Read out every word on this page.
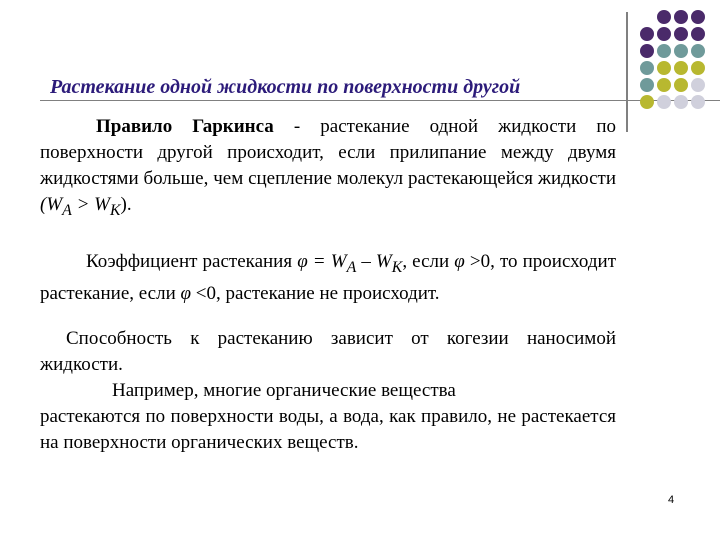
Растекание одной жидкости по поверхности другой
Правило Гаркинса - растекание одной жидкости по поверхности другой происходит, если прилипание между двумя жидкостями больше, чем сцепление молекул растекающейся жидкости $(W_A > W_K)$.
Коэффициент растекания $\varphi = W_A - W_K$, если φ >0, то происходит растекание, если φ <0, растекание не происходит.
Способность к растеканию зависит от когезии наносимой жидкости.
Например, многие органические вещества
растекаются по поверхности воды, а вода, как правило, не растекается на поверхности органических веществ.
4
